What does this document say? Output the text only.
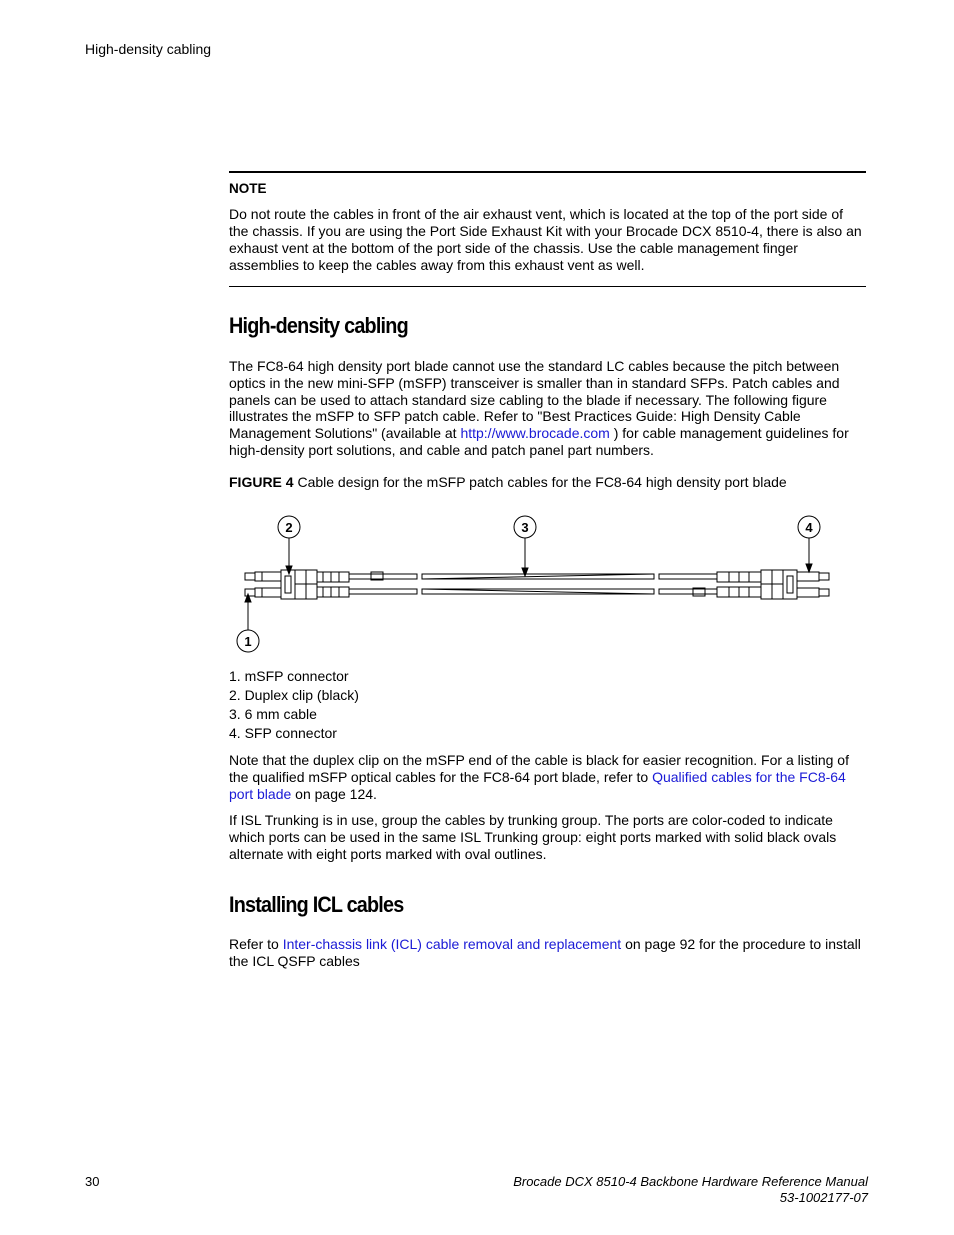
High-density cabling
NOTE
Do not route the cables in front of the air exhaust vent, which is located at the top of the port side of the chassis. If you are using the Port Side Exhaust Kit with your Brocade DCX 8510-4, there is also an exhaust vent at the bottom of the port side of the chassis. Use the cable management finger assemblies to keep the cables away from this exhaust vent as well.
High-density cabling

The FC8-64 high density port blade cannot use the standard LC cables because the pitch between optics in the new mini-SFP (mSFP) transceiver is smaller than in standard SFPs. Patch cables and panels can be used to attach standard size cabling to the blade if necessary. The following figure illustrates the mSFP to SFP patch cable. Refer to "Best Practices Guide: High Density Cable Management Solutions" (available at http://www.brocade.com ) for cable management guidelines for high-density port solutions, and cable and patch panel part numbers.

FIGURE 4 Cable design for the mSFP patch cables for the FC8-64 high density port blade

2	3	4
1
1. mSFP connector
2. Duplex clip (black)
3. 6 mm cable
4. SFP connector

Note that the duplex clip on the mSFP end of the cable is black for easier recognition. For a listing of the qualified mSFP optical cables for the FC8-64 port blade, refer to Qualified cables for the FC8-64 port blade on page 124.

If ISL Trunking is in use, group the cables by trunking group. The ports are color-coded to indicate which ports can be used in the same ISL Trunking group: eight ports marked with solid black ovals alternate with eight ports marked with oval outlines.

Installing ICL cables

Refer to Inter-chassis link (ICL) cable removal and replacement on page 92 for the procedure to install the ICL QSFP cables

30	Brocade DCX 8510-4 Backbone Hardware Reference Manual
53-1002177-07
